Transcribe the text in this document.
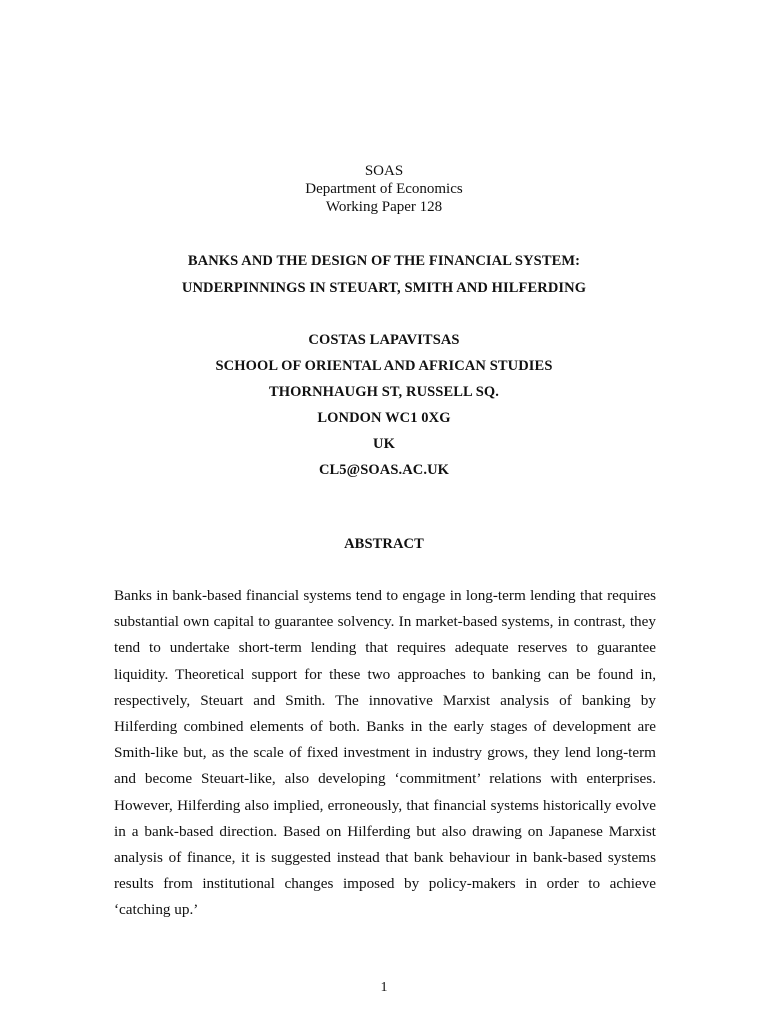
SOAS
Department of Economics
Working Paper 128
BANKS AND THE DESIGN OF THE FINANCIAL SYSTEM:
UNDERPINNINGS IN STEUART, SMITH AND HILFERDING
COSTAS LAPAVITSAS
SCHOOL OF ORIENTAL AND AFRICAN STUDIES
THORNHAUGH ST, RUSSELL SQ.
LONDON WC1 0XG
UK
CL5@SOAS.AC.UK
ABSTRACT

Banks in bank-based financial systems tend to engage in long-term lending that requires substantial own capital to guarantee solvency. In market-based systems, in contrast, they tend to undertake short-term lending that requires adequate reserves to guarantee liquidity. Theoretical support for these two approaches to banking can be found in, respectively, Steuart and Smith. The innovative Marxist analysis of banking by Hilferding combined elements of both. Banks in the early stages of development are Smith-like but, as the scale of fixed investment in industry grows, they lend long-term and become Steuart-like, also developing ‘commitment’ relations with enterprises. However, Hilferding also implied, erroneously, that financial systems historically evolve in a bank-based direction. Based on Hilferding but also drawing on Japanese Marxist analysis of finance, it is suggested instead that bank behaviour in bank-based systems results from institutional changes imposed by policy-makers in order to achieve ‘catching up.’

1
